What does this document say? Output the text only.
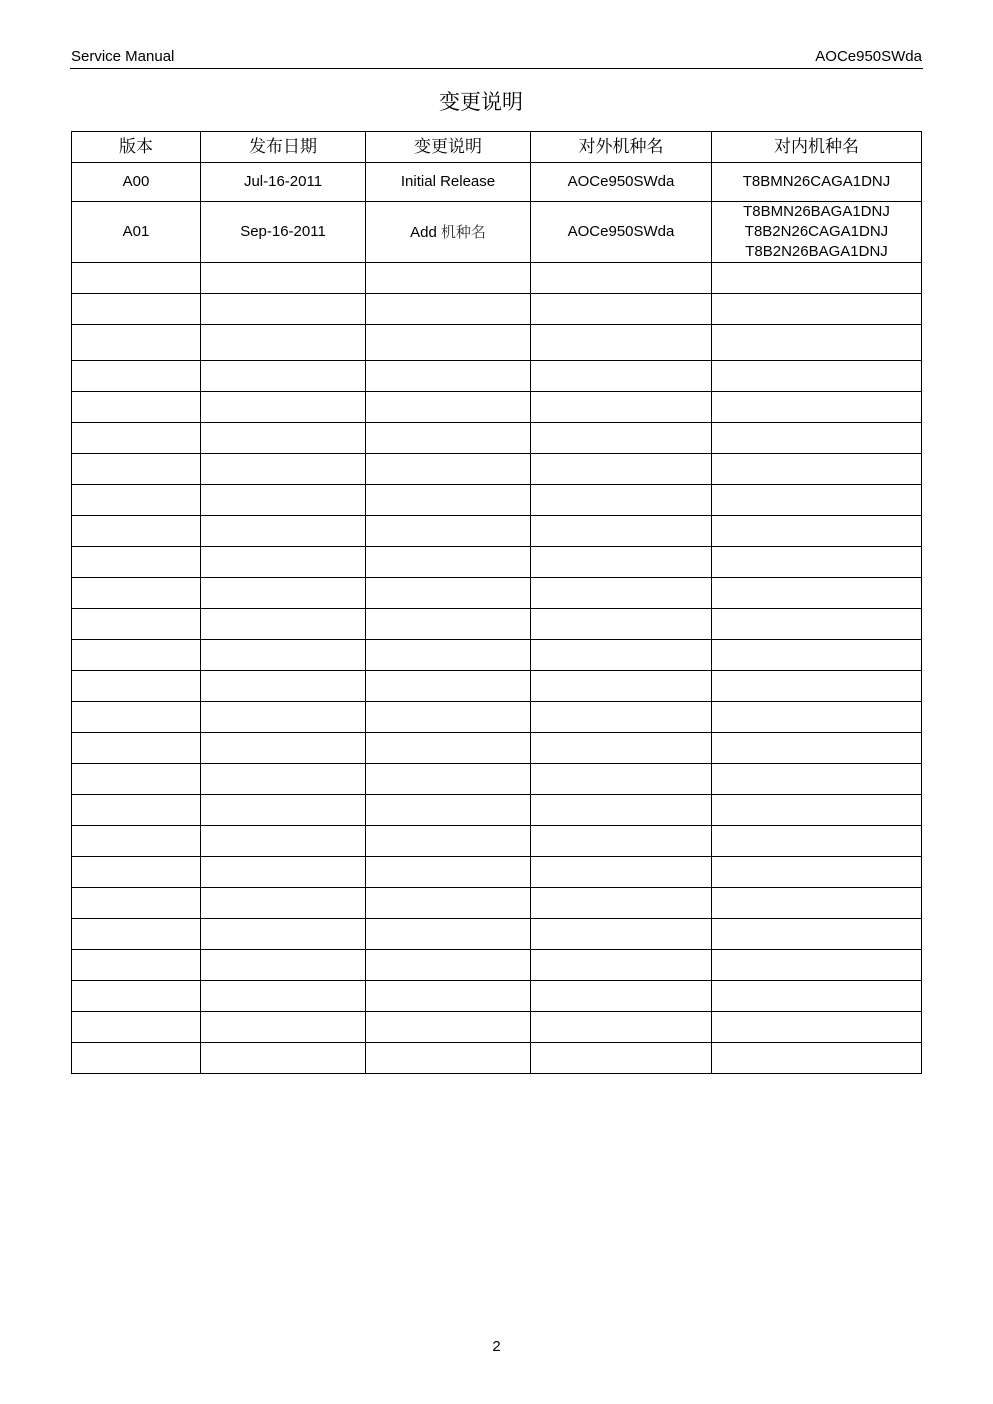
Service Manual	AOCe950SWda
变更说明
版本	发布日期	变更说明	对外机种名	对内机种名
A00	Jul-16-2011	Initial Release	AOCe950SWda	T8BMN26CAGA1DNJ

A01	Sep-16-2011	Add 机种名	AOCe950SWda	T8BMN26BAGA1DNJ
T8B2N26CAGA1DNJ
T8B2N26BAGA1DNJ

2
